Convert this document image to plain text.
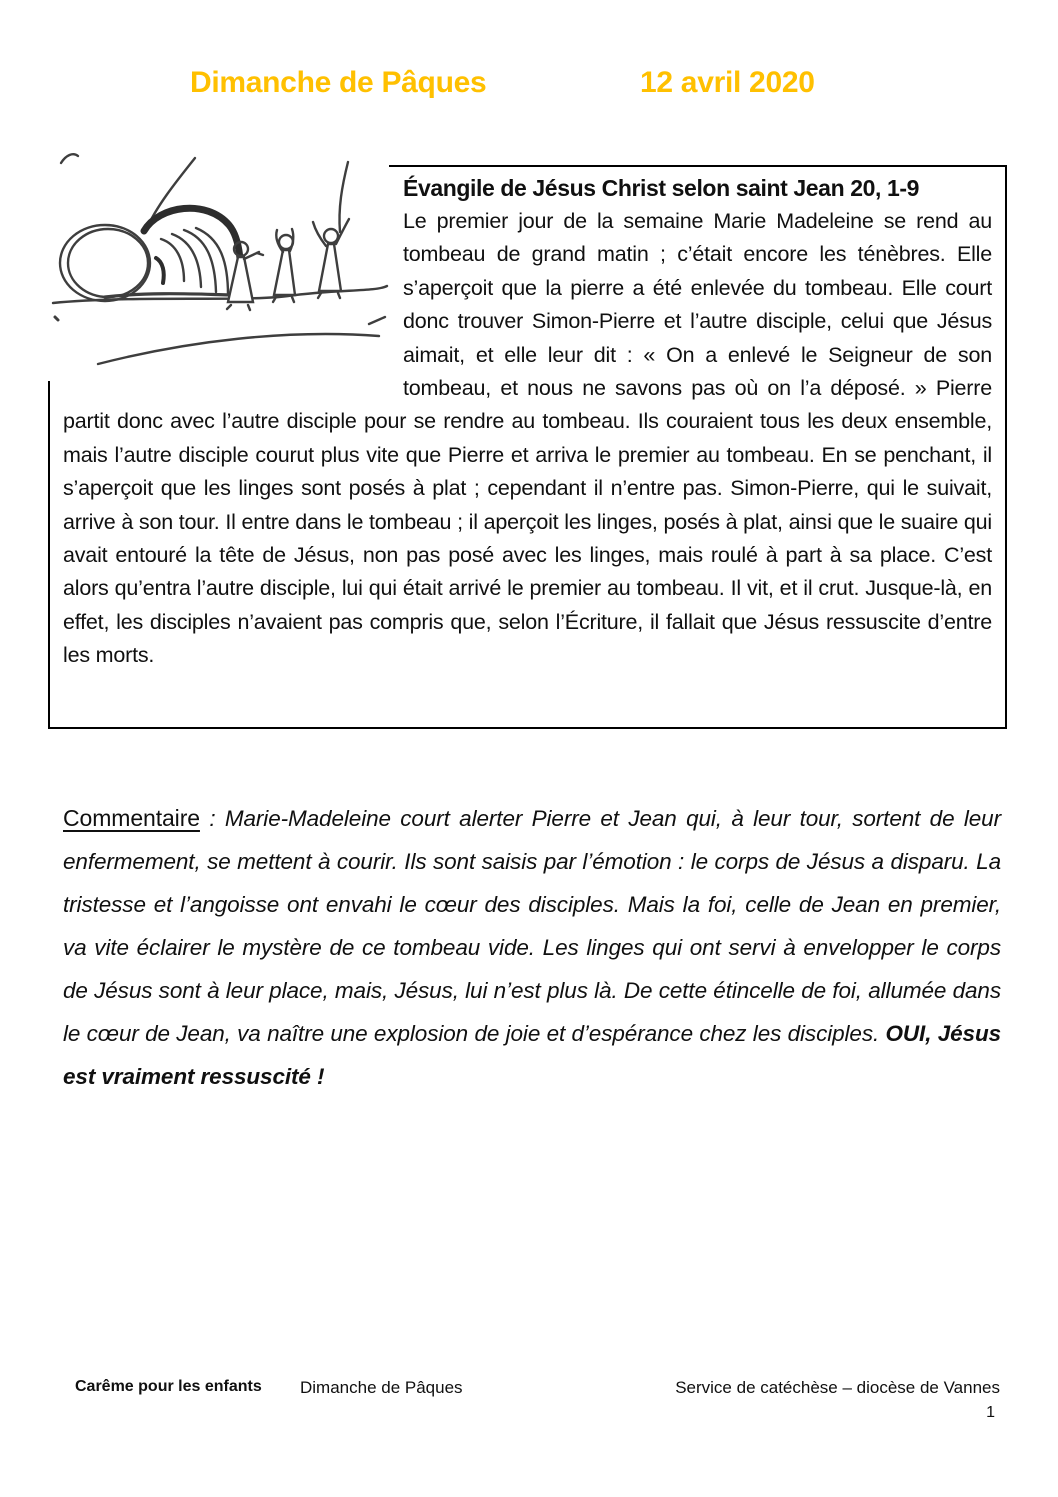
Dimanche de Pâques	12 avril 2020
Évangile de Jésus Christ selon saint Jean 20, 1-9
Le premier jour de la semaine Marie Madeleine se rend au tombeau de grand matin ; c’était encore les ténèbres. Elle s’aperçoit que la pierre a été enlevée du tombeau. Elle court donc trouver Simon-Pierre et l’autre disciple, celui que Jésus aimait, et elle leur dit : « On a enlevé le Seigneur de son tombeau, et nous ne savons pas où on l’a déposé. » Pierre partit donc avec l’autre disciple pour se rendre au tombeau. Ils couraient tous les deux ensemble, mais l’autre disciple courut plus vite que Pierre et arriva le premier au tombeau. En se penchant, il s’aperçoit que les linges sont posés à plat ; cependant il n’entre pas. Simon-Pierre, qui le suivait, arrive à son tour. Il entre dans le tombeau ; il aperçoit les linges, posés à plat, ainsi que le suaire qui avait entouré la tête de Jésus, non pas posé avec les linges, mais roulé à part à sa place. C’est alors qu’entra l’autre disciple, lui qui était arrivé le premier au tombeau. Il vit, et il crut. Jusque-là, en effet, les disciples n’avaient pas compris que, selon l’Écriture, il fallait que Jésus ressuscite d’entre les morts.
Commentaire : Marie-Madeleine court alerter Pierre et Jean qui, à leur tour, sortent de leur enfermement, se mettent à courir. Ils sont saisis par l’émotion : le corps de Jésus a disparu. La tristesse et l’angoisse ont envahi le cœur des disciples. Mais la foi, celle de Jean en premier, va vite éclairer le mystère de ce tombeau vide. Les linges qui ont servi à envelopper le corps de Jésus sont à leur place, mais, Jésus, lui n’est plus là. De cette étincelle de foi, allumée dans le cœur de Jean, va naître une explosion de joie et d’espérance chez les disciples. OUI, Jésus est vraiment ressuscité !
Carême pour les enfants Dimanche de Pâques	Service de catéchèse – diocèse de Vannes
1
